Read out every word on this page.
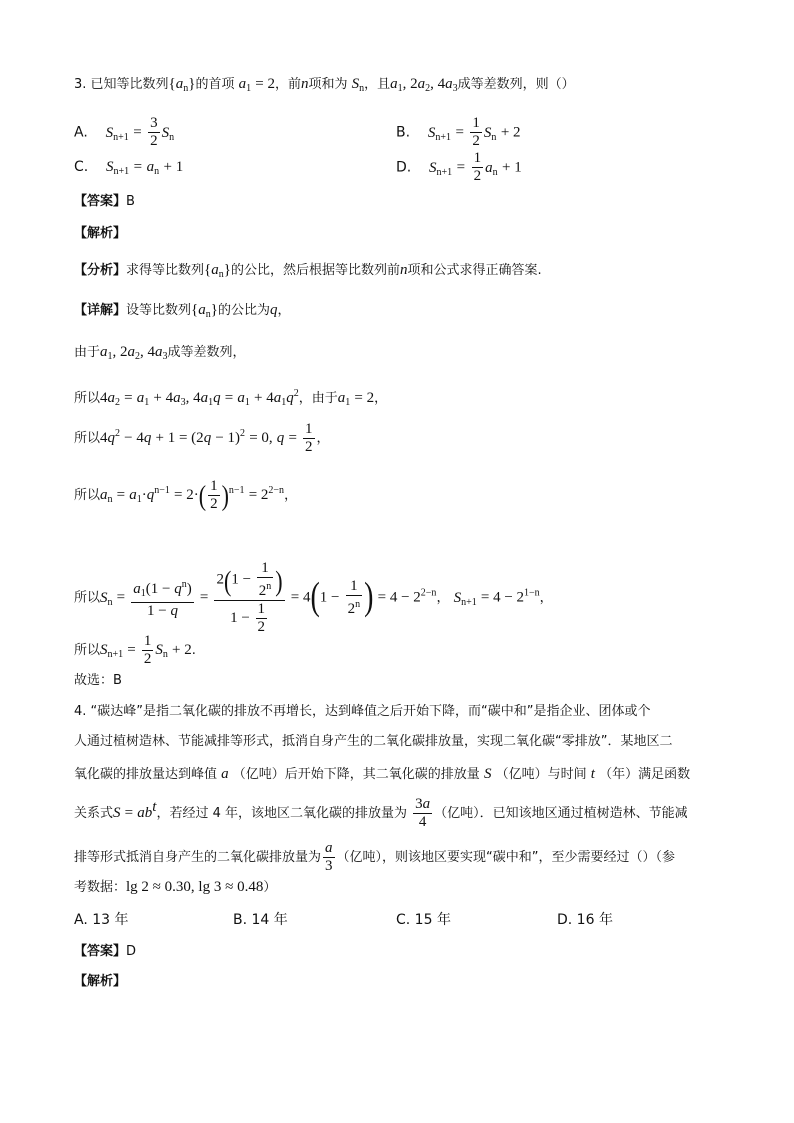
3. 已知等比数列$\{a_n\}$的首项 $a_1 = 2$，前n项和为 $S_n$，且$a_1$, $2a_2$, $4a_3$成等差数列，则（）
A. $S_{n+1} = \frac{3}{2} S_n$	B. $S_{n+1} = \frac{1}{2} S_n + 2$
C. $S_{n+1} = a_n + 1$	D. $S_{n+1} = \frac{1}{2} a_n + 1$
【答案】B
【解析】
【分析】求得等比数列$\{a_n\}$的公比，然后根据等比数列前n项和公式求得正确答案.
【详解】设等比数列$\{a_n\}$的公比为q，
由于$a_1$, $2a_2$, $4a_3$成等差数列，
所以$4a_2 = a_1 + 4a_3$, $4a_1q = a_1 + 4a_1q^2$，由于$a_1 = 2$，
所以$4q^2 - 4q + 1 = (2q - 1)^2 = 0$, $q = \frac{1}{2}$ ，
所以$a_n = a_1\cdot q^{n-1} = 2\cdot( \frac{1}{2} )^{n-1} = 2^{2-n}$，
所以$S_n = \frac{a_1(1 - q^n)}{1 - q} = \frac{2(1 - \frac{1}{2^n} )}{1 - \frac{1}{2}} = 4(1 - \frac{1}{2^n}$ ) = $4 - 2^{2-n}$， $S_{n+1} = 4 - 2^{1-n}$，
所以$S_{n+1} = \frac{1}{2} S_n + 2$.
故选：B
4. “碳达峰”是指二氧化碳的排放不再增长，达到峰值之后开始下降，而“碳中和”是指企业、团体或个
人通过植树造林、节能减排等形式，抵消自身产生的二氧化碳排放量，实现二氧化碳“零排放”．某地区二
氧化碳的排放量达到峰值 a （亿吨）后开始下降，其二氧化碳的排放量 S （亿吨）与时间 t （年）满足函数
关系式$S = ab^t$，若经过 4 年，该地区二氧化碳的排放量为 $\frac{3a}{4}$ （亿吨）．已知该地区通过植树造林、节能减
排等形式抵消自身产生的二氧化碳排放量为 $\frac{a}{3}$ （亿吨），则该地区要实现“碳中和”，至少需要经过（）（参
考数据：lg 2 ≈ 0.30, lg 3 ≈ 0.48）
A. 13 年	B. 14 年	C. 15 年	D. 16 年
【答案】D
【解析】
